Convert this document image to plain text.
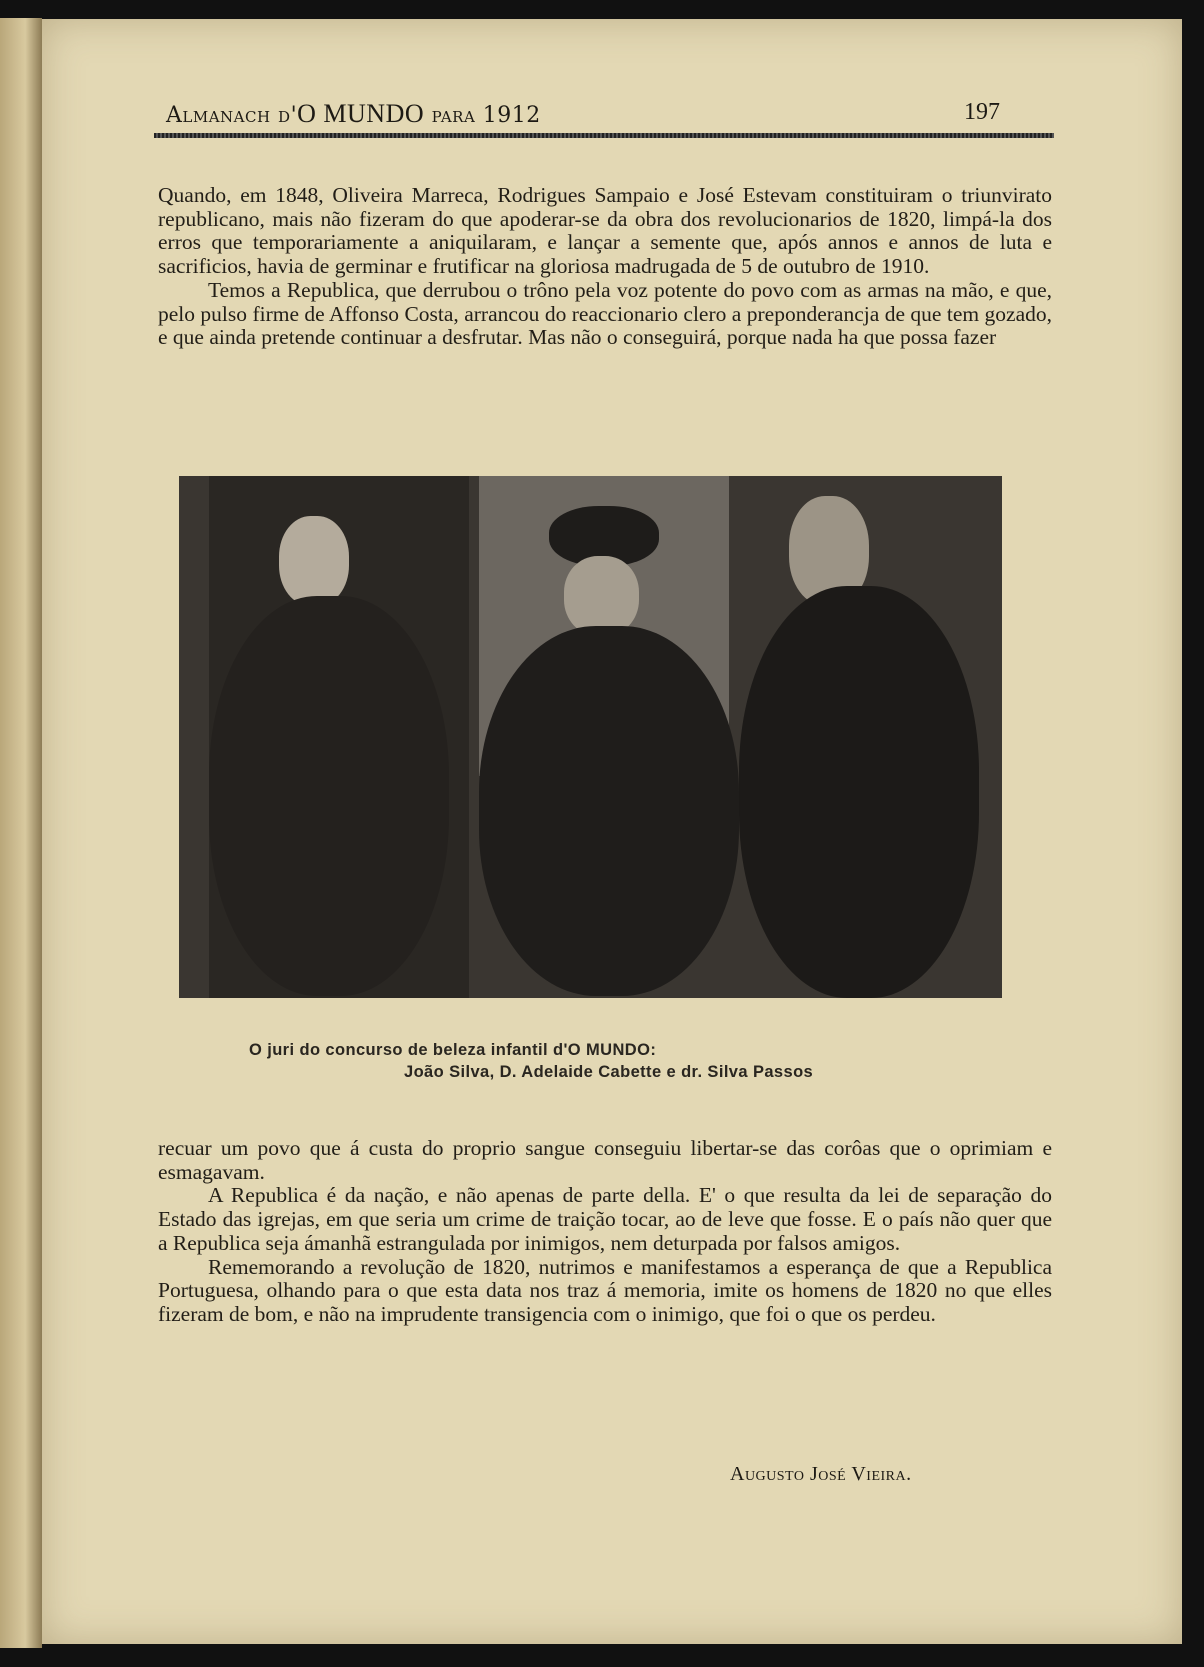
Almanach d'O MUNDO para 1912	197

Quando, em 1848, Oliveira Marreca, Rodrigues Sampaio e José Estevam constituiram o triunvirato republicano, mais não fizeram do que apoderar-se da obra dos revolucionarios de 1820, limpá-la dos erros que temporariamente a aniquilaram, e lançar a semente que, após annos e annos de luta e sacrificios, havia de germinar e frutificar na gloriosa madrugada de 5 de outubro de 1910.

Temos a Republica, que derrubou o trôno pela voz potente do povo com as armas na mão, e que, pelo pulso firme de Affonso Costa, arrancou do reaccionario clero a preponderancja de que tem gozado, e que ainda pretende continuar a desfrutar. Mas não o conseguirá, porque nada ha que possa fazer

O juri do concurso de beleza infantil d'O MUNDO:
João Silva, D. Adelaide Cabette e dr. Silva Passos

recuar um povo que á custa do proprio sangue conseguiu libertar-se das corôas que o oprimiam e esmagavam.

A Republica é da nação, e não apenas de parte della. E' o que resulta da lei de separação do Estado das igrejas, em que seria um crime de traição tocar, ao de leve que fosse. E o país não quer que a Republica seja ámanhã estrangulada por inimigos, nem deturpada por falsos amigos.

Rememorando a revolução de 1820, nutrimos e manifestamos a esperança de que a Republica Portuguesa, olhando para o que esta data nos traz á memoria, imite os homens de 1820 no que elles fizeram de bom, e não na imprudente transigencia com o inimigo, que foi o que os perdeu.

Augusto José Vieira.
